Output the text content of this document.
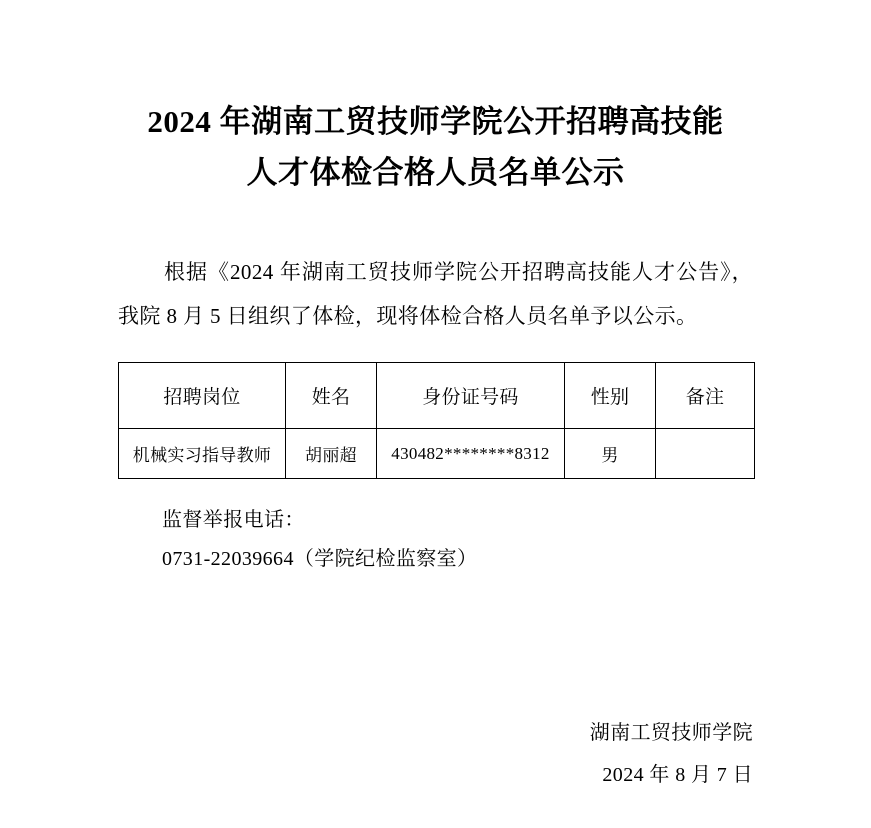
2024 年湖南工贸技师学院公开招聘高技能
人才体检合格人员名单公示

根据《2024 年湖南工贸技师学院公开招聘高技能人才公告》，我院 8 月 5 日组织了体检，现将体检合格人员名单予以公示。

招聘岗位	姓名	身份证号码	性别	备注
机械实习指导教师	胡丽超	430482********8312	男	

监督举报电话：
0731-22039664（学院纪检监察室）

湖南工贸技师学院
2024 年 8 月 7 日
